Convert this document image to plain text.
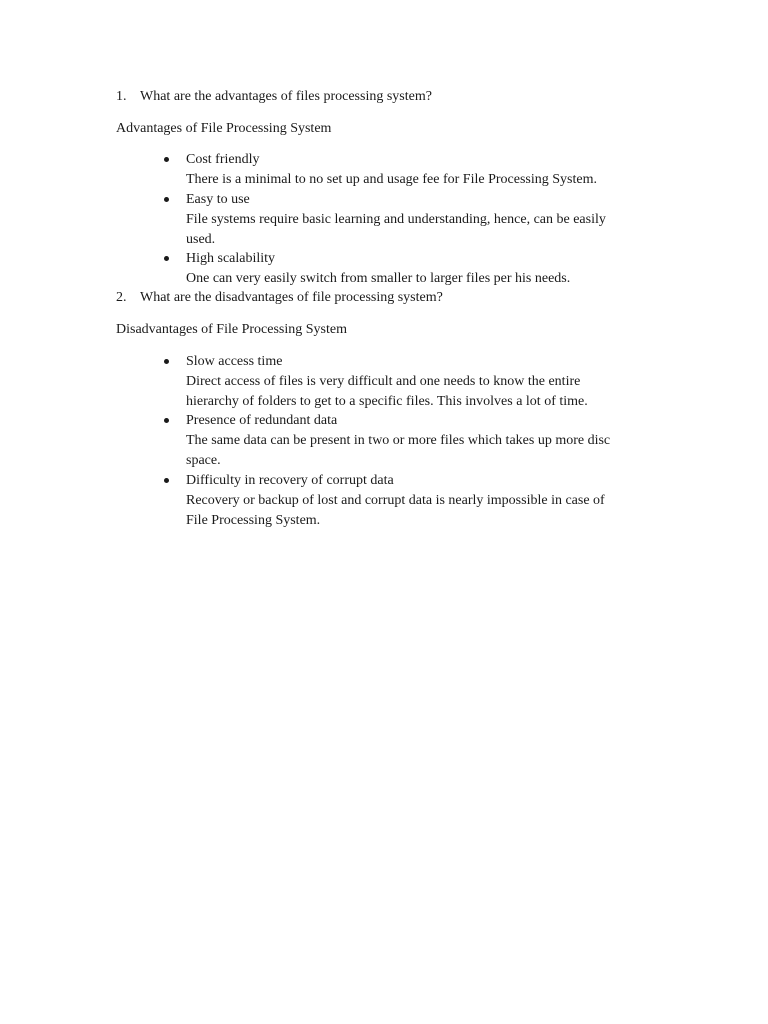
1. What are the advantages of files processing system?
Advantages of File Processing System
Cost friendly
There is a minimal to no set up and usage fee for File Processing System.
Easy to use
File systems require basic learning and understanding, hence, can be easily
used.
High scalability
One can very easily switch from smaller to larger files per his needs.
2. What are the disadvantages of file processing system?
Disadvantages of File Processing System
Slow access time
Direct access of files is very difficult and one needs to know the entire
hierarchy of folders to get to a specific files. This involves a lot of time.
Presence of redundant data
The same data can be present in two or more files which takes up more disc
space.
Difficulty in recovery of corrupt data
Recovery or backup of lost and corrupt data is nearly impossible in case of
File Processing System.
